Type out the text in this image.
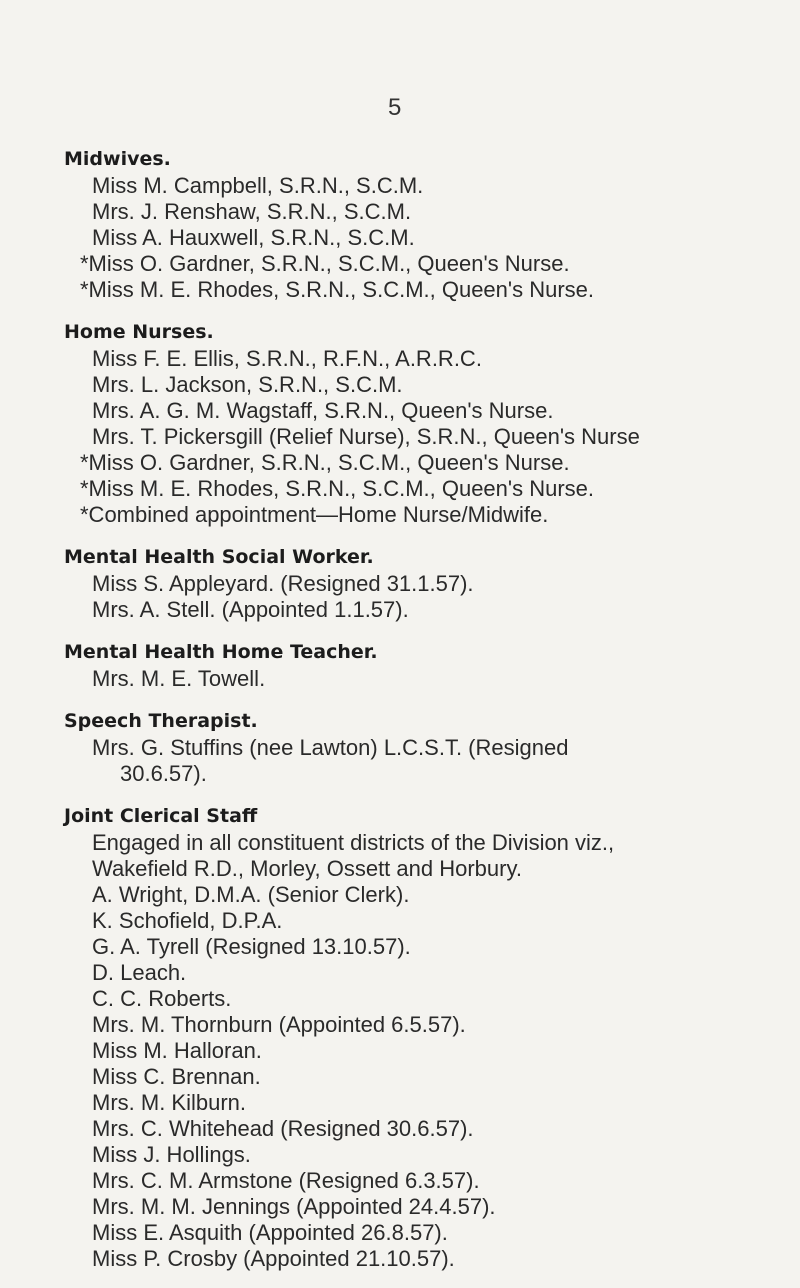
5

Midwives.

Miss M. Campbell, S.R.N., S.C.M.
Mrs. J. Renshaw, S.R.N., S.C.M.
Miss A. Hauxwell, S.R.N., S.C.M.
*Miss O. Gardner, S.R.N., S.C.M., Queen's Nurse.
*Miss M. E. Rhodes, S.R.N., S.C.M., Queen's Nurse.

Home Nurses.

Miss F. E. Ellis, S.R.N., R.F.N., A.R.R.C.
Mrs. L. Jackson, S.R.N., S.C.M.
Mrs. A. G. M. Wagstaff, S.R.N., Queen's Nurse.
Mrs. T. Pickersgill (Relief Nurse), S.R.N., Queen's Nurse
*Miss O. Gardner, S.R.N., S.C.M., Queen's Nurse.
*Miss M. E. Rhodes, S.R.N., S.C.M., Queen's Nurse.
*Combined appointment—Home Nurse/Midwife.

Mental Health Social Worker.

Miss S. Appleyard. (Resigned 31.1.57).
Mrs. A. Stell. (Appointed 1.1.57).

Mental Health Home Teacher.

Mrs. M. E. Towell.

Speech Therapist.

Mrs. G. Stuffins (nee Lawton) L.C.S.T. (Resigned
30.6.57).

Joint Clerical Staff

Engaged in all constituent districts of the Division viz.,
Wakefield R.D., Morley, Ossett and Horbury.
A. Wright, D.M.A. (Senior Clerk).
K. Schofield, D.P.A.
G. A. Tyrell (Resigned 13.10.57).
D. Leach.
C. C. Roberts.
Mrs. M. Thornburn (Appointed 6.5.57).
Miss M. Halloran.
Miss C. Brennan.
Mrs. M. Kilburn.
Mrs. C. Whitehead (Resigned 30.6.57).
Miss J. Hollings.
Mrs. C. M. Armstone (Resigned 6.3.57).
Mrs. M. M. Jennings (Appointed 24.4.57).
Miss E. Asquith (Appointed 26.8.57).
Miss P. Crosby (Appointed 21.10.57).
